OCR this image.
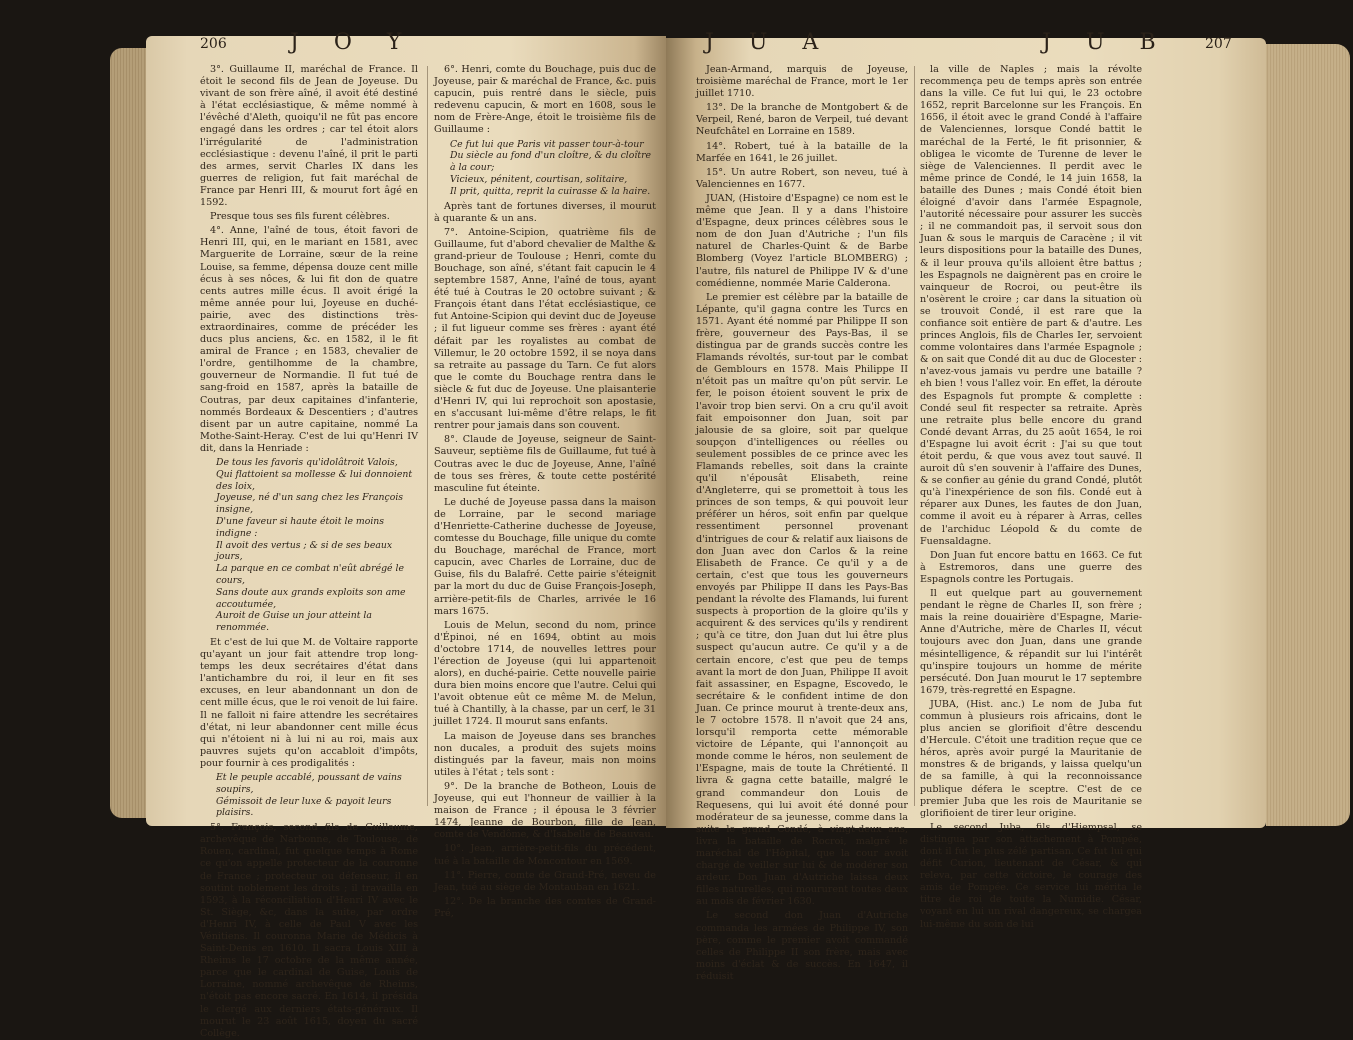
206	J O Y	J U A          J U B	207

3°. Guillaume II, maréchal de France. Il étoit le second fils de Jean de Joyeuse. Du vivant de son frère aîné, il avoit été destiné à l'état ecclésiastique, & même nommé à l'évêché d'Aleth, quoiqu'il ne fût pas encore engagé dans les ordres ; car tel étoit alors l'irrégularité de l'administration ecclésiastique : devenu l'aîné, il prit le parti des armes, servit Charles IX dans les guerres de religion, fut fait maréchal de France par Henri III, & mourut fort âgé en 1592.

Presque tous ses fils furent célèbres.

4°. Anne, l'aîné de tous, étoit favori de Henri III, qui, en le mariant en 1581, avec Marguerite de Lorraine, sœur de la reine Louise, sa femme, dépensa douze cent mille écus à ses nôces, & lui fit don de quatre cents autres mille écus. Il avoit érigé la même année pour lui, Joyeuse en duché-pairie, avec des distinctions très-extraordinaires, comme de précéder les ducs plus anciens, &c. en 1582, il le fit amiral de France ; en 1583, chevalier de l'ordre, gentilhomme de la chambre, gouverneur de Normandie. Il fut tué de sang-froid en 1587, après la bataille de Coutras, par deux capitaines d'infanterie, nommés Bordeaux & Descentiers ; d'autres disent par un autre capitaine, nommé La Mothe-Saint-Heray. C'est de lui qu'Henri IV dit, dans la Henriade :

De tous les favoris qu'idolâtroit Valois,
Qui flattoient sa mollesse & lui donnoient des loix,
Joyeuse, né d'un sang chez les François insigne,
D'une faveur si haute étoit le moins indigne :
Il avoit des vertus ; & si de ses beaux jours,
La parque en ce combat n'eût abrégé le cours,
Sans doute aux grands exploits son ame accoutumée,
Auroit de Guise un jour atteint la renommée.

Et c'est de lui que M. de Voltaire rapporte qu'ayant un jour fait attendre trop long-temps les deux secrétaires d'état dans l'antichambre du roi, il leur en fit ses excuses, en leur abandonnant un don de cent mille écus, que le roi venoit de lui faire. Il ne falloit ni faire attendre les secrétaires d'état, ni leur abandonner cent mille écus qui n'étoient ni à lui ni au roi, mais aux pauvres sujets qu'on accabloit d'impôts, pour fournir à ces prodigalités :

Et le peuple accablé, poussant de vains soupirs,
Gémissoit de leur luxe & payoit leurs plaisirs.

5°. François, second fils de Guillaume, archevêque de Narbonne, de Toulouse, de Rouen, cardinal, fut quelque temps à Rome ce qu'on appelle protecteur de la couronne de France ; protecteur ou défenseur, il en soutint noblement les droits ; il travailla en 1593, à la réconciliation d'Henri IV avec le St. Siège, &c, dans la suite, par ordre d'Henri IV, à celle de Paul V avec les Vénitiens. Il couronna Marie de Médicis à Saint-Denis en 1610. Il sacra Louis XIII à Rheims le 17 octobre de la même année, parce que le cardinal de Guise, Louis de Lorraine, nommé archevêque de Rheims, n'étoit pas encore sacré. En 1614, il présida le clergé aux derniers états-généraux. Il mourut le 23 août 1615, doyen du sacré Collège.

6°. Henri, comte du Bouchage, puis duc de Joyeuse, pair & maréchal de France, &c. puis capucin, puis rentré dans le siècle, puis redevenu capucin, & mort en 1608, sous le nom de Frère-Ange, étoit le troisième fils de Guillaume :

Ce fut lui que Paris vit passer tour-à-tour
Du siècle au fond d'un cloître, & du cloître à la cour;
Vicieux, pénitent, courtisan, solitaire,
Il prit, quitta, reprit la cuirasse & la haire.

Après tant de fortunes diverses, il mourut à quarante & un ans.

7°. Antoine-Scipion, quatrième fils de Guillaume, fut d'abord chevalier de Malthe & grand-prieur de Toulouse ; Henri, comte du Bouchage, son aîné, s'étant fait capucin le 4 septembre 1587, Anne, l'aîné de tous, ayant été tué à Coutras le 20 octobre suivant ; & François étant dans l'état ecclésiastique, ce fut Antoine-Scipion qui devint duc de Joyeuse ; il fut ligueur comme ses frères : ayant été défait par les royalistes au combat de Villemur, le 20 octobre 1592, il se noya dans sa retraite au passage du Tarn. Ce fut alors que le comte du Bouchage rentra dans le siècle & fut duc de Joyeuse. Une plaisanterie d'Henri IV, qui lui reprochoit son apostasie, en s'accusant lui-même d'être relaps, le fit rentrer pour jamais dans son couvent.

8°. Claude de Joyeuse, seigneur de Saint-Sauveur, septième fils de Guillaume, fut tué à Coutras avec le duc de Joyeuse, Anne, l'aîné de tous ses frères, & toute cette postérité masculine fut éteinte.

Le duché de Joyeuse passa dans la maison de Lorraine, par le second mariage d'Henriette-Catherine duchesse de Joyeuse, comtesse du Bouchage, fille unique du comte du Bouchage, maréchal de France, mort capucin, avec Charles de Lorraine, duc de Guise, fils du Balafré. Cette pairie s'éteignit par la mort du duc de Guise François-Joseph, arrière-petit-fils de Charles, arrivée le 16 mars 1675.

Louis de Melun, second du nom, prince d'Épinoi, né en 1694, obtint au mois d'octobre 1714, de nouvelles lettres pour l'érection de Joyeuse (qui lui appartenoit alors), en duché-pairie. Cette nouvelle pairie dura bien moins encore que l'autre. Celui qui l'avoit obtenue eût ce même M. de Melun, tué à Chantilly, à la chasse, par un cerf, le 31 juillet 1724. Il mourut sans enfants.

La maison de Joyeuse dans ses branches non ducales, a produit des sujets moins distingués par la faveur, mais non moins utiles à l'état ; tels sont :

9°. De la branche de Botheon, Louis de Joyeuse, qui eut l'honneur de vaillier à la maison de France ; il épousa le 3 février 1474, Jeanne de Bourbon, fille de Jean, comte de Vendôme, & d'Isabelle de Beauvau.

10°. Jean, arrière-petit-fils du précédent, tué à la bataille de Moncontour en 1569.

11°. Pierre, comte de Grand-Pré, neveu de Jean, tué au siège de Montauban en 1621.

12°. De la branche des comtes de Grand-Pré,

Jean-Armand, marquis de Joyeuse, troisième maréchal de France, mort le 1er juillet 1710.

13°. De la branche de Montgobert & de Verpeil, René, baron de Verpeil, tué devant Neufchâtel en Lorraine en 1589.

14°. Robert, tué à la bataille de la Marfée en 1641, le 26 juillet.

15°. Un autre Robert, son neveu, tué à Valenciennes en 1677.

JUAN, (Histoire d'Espagne) ce nom est le même que Jean. Il y a dans l'histoire d'Espagne, deux princes célèbres sous le nom de don Juan d'Autriche ; l'un fils naturel de Charles-Quint & de Barbe Blomberg (Voyez l'article BLOMBERG) ; l'autre, fils naturel de Philippe IV & d'une comédienne, nommée Marie Calderona.

Le premier est célèbre par la bataille de Lépante, qu'il gagna contre les Turcs en 1571. Ayant été nommé par Philippe II son frère, gouverneur des Pays-Bas, il se distingua par de grands succès contre les Flamands révoltés, sur-tout par le combat de Gemblours en 1578. Mais Philippe II n'étoit pas un maître qu'on pût servir. Le fer, le poison étoient souvent le prix de l'avoir trop bien servi. On a cru qu'il avoit fait empoisonner don Juan, soit par jalousie de sa gloire, soit par quelque soupçon d'intelligences ou réelles ou seulement possibles de ce prince avec les Flamands rebelles, soit dans la crainte qu'il n'épousât Elisabeth, reine d'Angleterre, qui se promettoit à tous les princes de son temps, & qui pouvoit leur préférer un héros, soit enfin par quelque ressentiment personnel provenant d'intrigues de cour & relatif aux liaisons de don Juan avec don Carlos & la reine Elisabeth de France. Ce qu'il y a de certain, c'est que tous les gouverneurs envoyés par Philippe II dans les Pays-Bas pendant la révolte des Flamands, lui furent suspects à proportion de la gloire qu'ils y acquirent & des services qu'ils y rendirent ; qu'à ce titre, don Juan dut lui être plus suspect qu'aucun autre. Ce qu'il y a de certain encore, c'est que peu de temps avant la mort de don Juan, Philippe II avoit fait assassiner, en Espagne, Escovedo, le secrétaire & le confident intime de don Juan. Ce prince mourut à trente-deux ans, le 7 octobre 1578. Il n'avoit que 24 ans, lorsqu'il remporta cette mémorable victoire de Lépante, qui l'annonçoit au monde comme le héros, non seulement de l'Espagne, mais de toute la Chrétienté. Il livra & gagna cette bataille, malgré le grand commandeur don Louis de Requesens, qui lui avoit été donné pour modérateur de sa jeunesse, comme dans la suite le grand Condé, à vingt-deux ans, livra la bataille de Rocroi, malgré le maréchal de l'Hôpital, que la cour avoit chargé de veiller sur lui & de modérer son ardeur. Don Juan d'Autriche laissa deux filles naturelles, qui moururent toutes deux au mois de février 1630.

Le second don Juan d'Autriche commanda les armées de Philippe IV, son père, comme le premier avoit commandé celles de Philippe II son frère, mais avec moins d'éclat & de succès. En 1647, il réduisit

la ville de Naples ; mais la révolte recommença peu de temps après son entrée dans la ville. Ce fut lui qui, le 23 octobre 1652, reprit Barcelonne sur les François. En 1656, il étoit avec le grand Condé à l'affaire de Valenciennes, lorsque Condé battit le maréchal de la Ferté, le fit prisonnier, & obligea le vicomte de Turenne de lever le siège de Valenciennes. Il perdit avec le même prince de Condé, le 14 juin 1658, la bataille des Dunes ; mais Condé étoit bien éloigné d'avoir dans l'armée Espagnole, l'autorité nécessaire pour assurer les succès ; il ne commandoit pas, il servoit sous don Juan & sous le marquis de Caracène ; il vit leurs dispositions pour la bataille des Dunes, & il leur prouva qu'ils alloient être battus ; les Espagnols ne daignèrent pas en croire le vainqueur de Rocroi, ou peut-être ils n'osèrent le croire ; car dans la situation où se trouvoit Condé, il est rare que la confiance soit entière de part & d'autre. Les princes Anglois, fils de Charles Ier, servoient comme volontaires dans l'armée Espagnole ; & on sait que Condé dit au duc de Glocester : n'avez-vous jamais vu perdre une bataille ? eh bien ! vous l'allez voir. En effet, la déroute des Espagnols fut prompte & complette : Condé seul fit respecter sa retraite. Après une retraite plus belle encore du grand Condé devant Arras, du 25 août 1654, le roi d'Espagne lui avoit écrit : J'ai su que tout étoit perdu, & que vous avez tout sauvé. Il auroit dû s'en souvenir à l'affaire des Dunes, & se confier au génie du grand Condé, plutôt qu'à l'inexpérience de son fils. Condé eut à réparer aux Dunes, les fautes de don Juan, comme il avoit eu à réparer à Arras, celles de l'archiduc Léopold & du comte de Fuensaldagne.

Don Juan fut encore battu en 1663. Ce fut à Estremoros, dans une guerre des Espagnols contre les Portugais.

Il eut quelque part au gouvernement pendant le règne de Charles II, son frère ; mais la reine douairière d'Espagne, Marie-Anne d'Autriche, mère de Charles II, vécut toujours avec don Juan, dans une grande mésintelligence, & répandit sur lui l'intérêt qu'inspire toujours un homme de mérite persécuté. Don Juan mourut le 17 septembre 1679, très-regretté en Espagne.

JUBA, (Hist. anc.) Le nom de Juba fut commun à plusieurs rois africains, dont le plus ancien se glorifioit d'être descendu d'Hercule. C'étoit une tradition reçue que ce héros, après avoir purgé la Mauritanie de monstres & de brigands, y laissa quelqu'un de sa famille, à qui la reconnoissance publique défera le sceptre. C'est de ce premier Juba que les rois de Mauritanie se glorifioient de tirer leur origine.

Le second Juba, fils d'Hiempsal, se distingua par son attachement à Pompée, dont il fut le plus zélé partisan. Ce fut lui qui défit Curion, lieutenant de César, & qui releva, par cette victoire, le courage des amis de Pompée. Ce service lui mérita le titre de roi de toute la Numidie. César, voyant en lui un rival dangereux, se chargea lui-même du soin de lui
